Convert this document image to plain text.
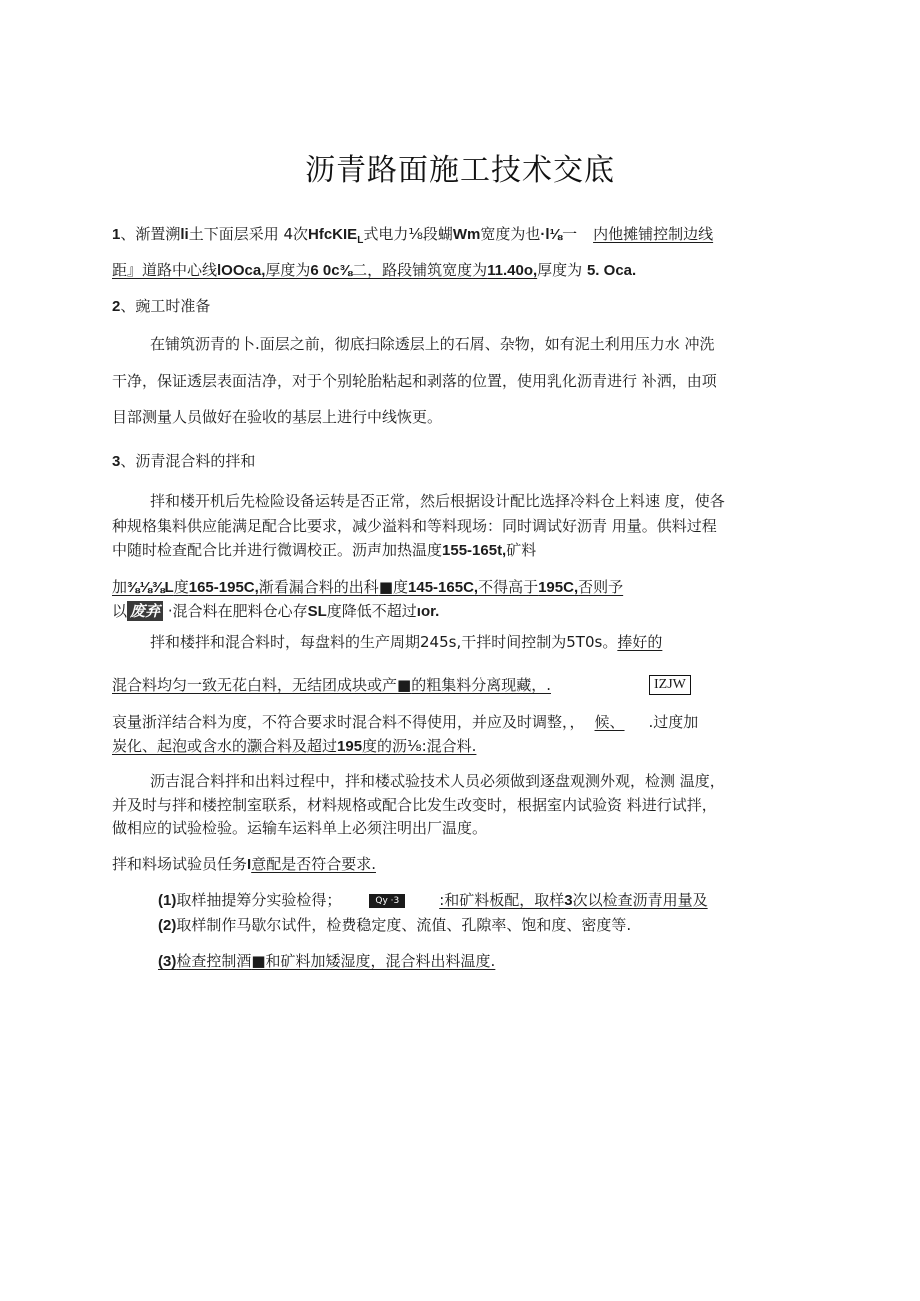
沥青路面施工技术交底
1、渐置溯li土下面层采用 4次HfcKIE$_L$式电力⅛段蝴Wm宽度为也·l⅛一 内他摊铺控制边线
距』道路中心线lOOca,厚度为6 0c⅜二，路段铺筑宽度为11.40o,厚度为 5. Oca.
2、豌工时准备
在铺筑沥青的卜.面层之前，彻底扫除透层上的石屑、杂物，如有泥土利用压力水 冲洗
干净，保证透层表面洁净，对于个别轮胎粘起和剥落的位置，使用乳化沥青进行 补洒，由项
目部测量人员做好在验收的基层上进行中线恢更。
3、沥青混合料的拌和
拌和楼开机后先检险设备运转是否正常，然后根据设计配比选择冷料仓上料速 度，使各
种规格集料供应能满足配合比要求，减少溢料和等料现场：同时调试好沥青 用量。供料过程
中随时检查配合比并进行微调校正。沥声加热温度155-165t,矿料
加⅜⅛⅜L度165-195C,渐看漏合料的出科■度145-165C,不得高于195C,否则予
以 废弃 ·混合料在肥料仓心存SL度降低不超过ıor.
拌和楼拌和混合料时，每盘料的生产周期245s,干拌时间控制为5T0s。捧好的
混合料均匀一致无花白料，无结团成块或产■的粗集料分离现藏，.	IZJW
哀量浙洋结合料为度，不符合要求时混合料不得使用，并应及时调整，， 候、 .过度加
炭化、起泡或含水的灏合料及超过195度的沥⅛:混合料.
沥吉混合料拌和出料过程中，拌和楼忒验技术人员必须做到逐盘观测外观，检测 温度，
并及时与拌和楼控制室联系，材料规格或配合比发生改变时，根据室内试验资 料进行试拌，
做相应的试验检验。运输车运料单上必须注明出厂温度。
拌和料场试验员任务I意配是否符合要求.
(1)取样抽提筹分实验检得；	Qy ·3	:和矿料板配，取样3次以检查沥青用量及
(2)取样制作马歇尔试件，检费稳定度、流值、孔隙率、饱和度、密度等.
(3)检查控制酒■和矿料加矮湿度，混合料出料温度.
